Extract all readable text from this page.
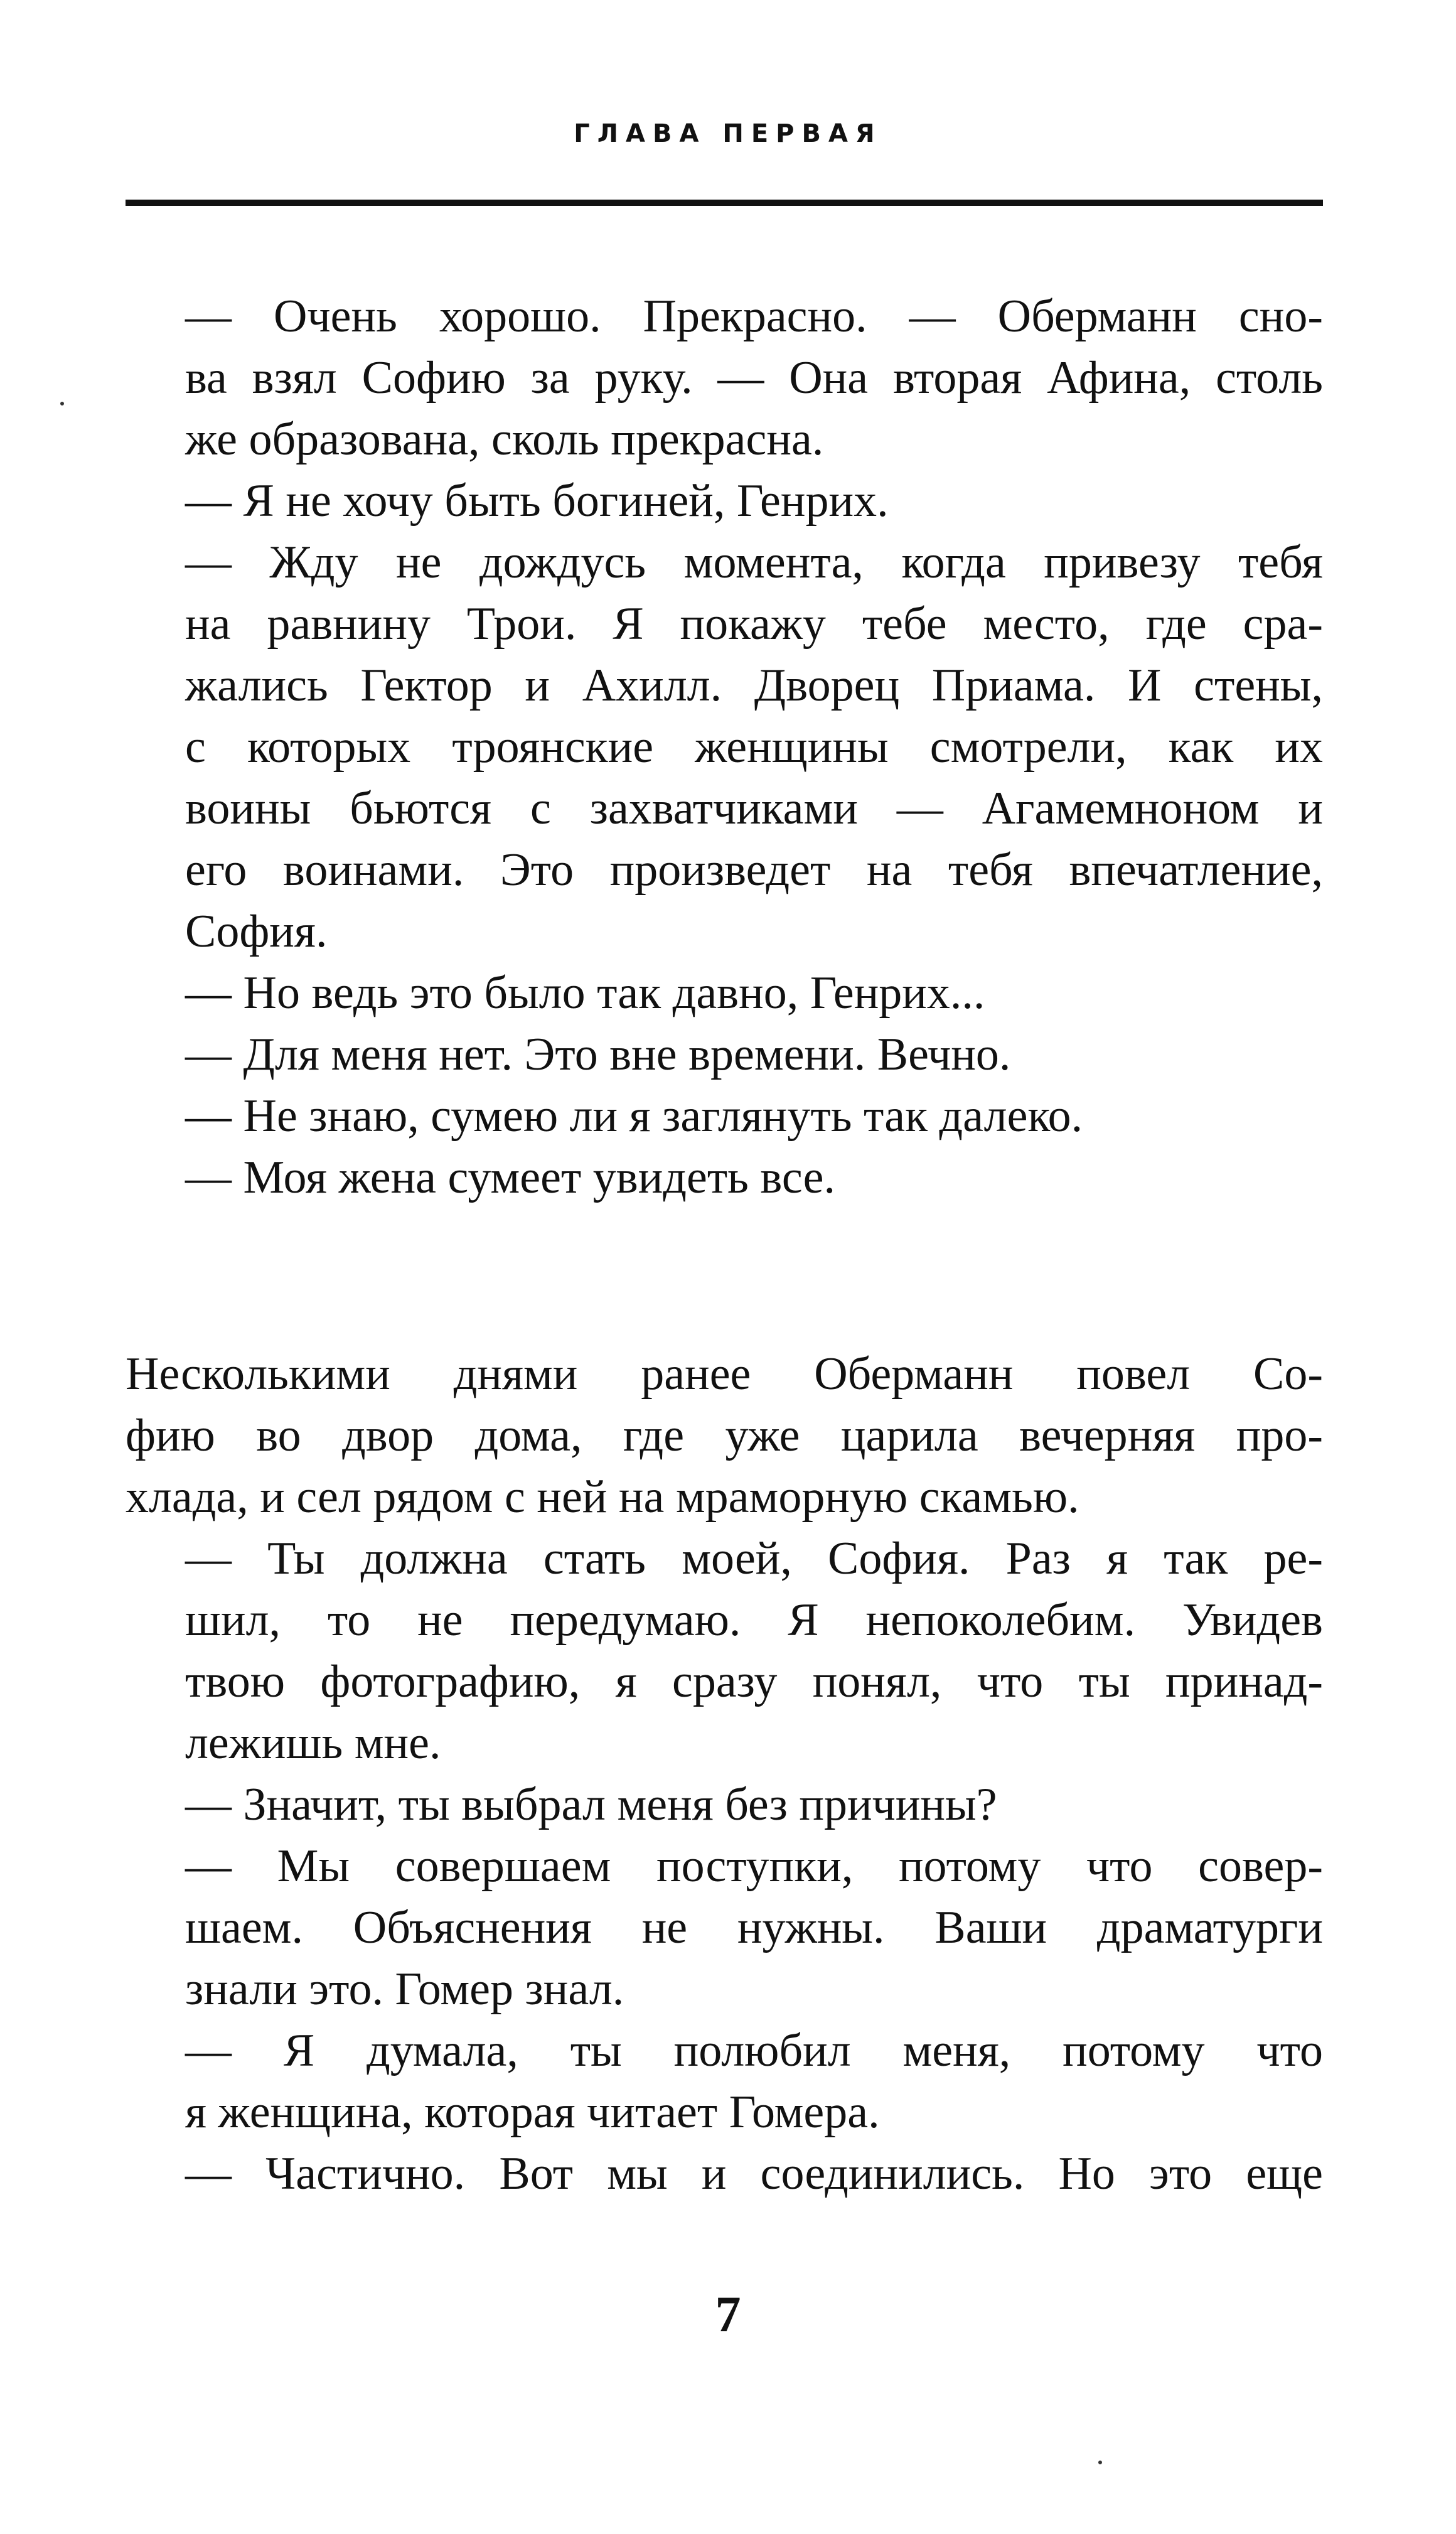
ГЛАВА ПЕРВАЯ
— Очень хорошо. Прекрасно. — Оберманн сно-
ва взял Софию за руку. — Она вторая Афина, столь
же образована, сколь прекрасна.
— Я не хочу быть богиней, Генрих.
— Жду не дождусь момента, когда привезу тебя
на равнину Трои. Я покажу тебе место, где сра-
жались Гектор и Ахилл. Дворец Приама. И стены,
с которых троянские женщины смотрели, как их
воины бьются с захватчиками — Агамемноном и
его воинами. Это произведет на тебя впечатление,
София.
— Но ведь это было так давно, Генрих...
— Для меня нет. Это вне времени. Вечно.
— Не знаю, сумею ли я заглянуть так далеко.
— Моя жена сумеет увидеть все.
Несколькими днями ранее Оберманн повел Со-
фию во двор дома, где уже царила вечерняя про-
хлада, и сел рядом с ней на мраморную скамью.
— Ты должна стать моей, София. Раз я так ре-
шил, то не передумаю. Я непоколебим. Увидев
твою фотографию, я сразу понял, что ты принад-
лежишь мне.
— Значит, ты выбрал меня без причины?
— Мы совершаем поступки, потому что совер-
шаем. Объяснения не нужны. Ваши драматурги
знали это. Гомер знал.
— Я думала, ты полюбил меня, потому что
я женщина, которая читает Гомера.
— Частично. Вот мы и соединились. Но это еще
7
